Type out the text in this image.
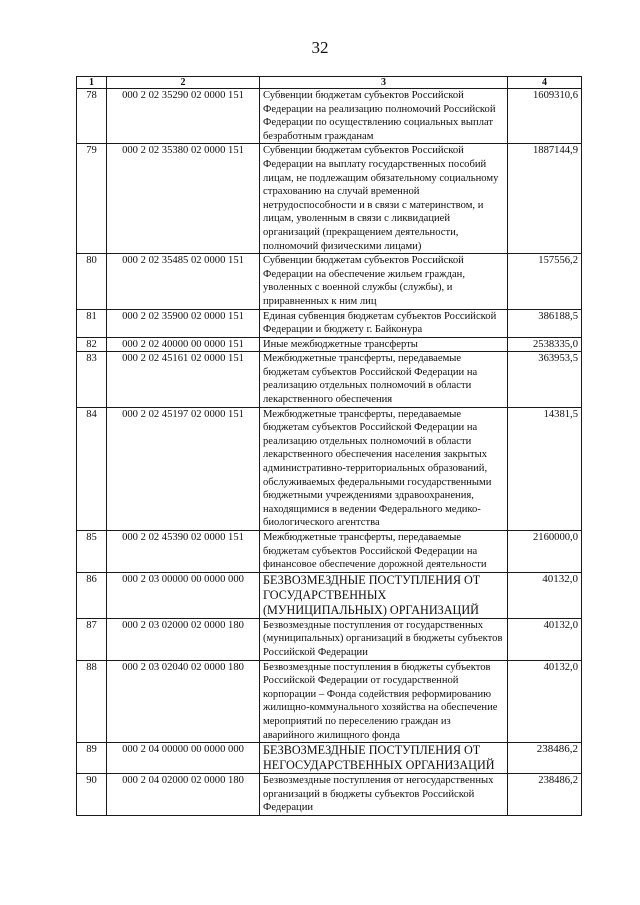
32
1	2	3	4
78	000 2 02 35290 02 0000 151	Субвенции бюджетам субъектов Российской Федерации на реализацию полномочий Российской Федерации по осуществлению социальных выплат безработным гражданам	1609310,6
79	000 2 02 35380 02 0000 151	Субвенции бюджетам субъектов Российской Федерации на выплату государственных пособий лицам, не подлежащим обязательному социальному страхованию на случай временной нетрудоспособности и в связи с материнством, и лицам, уволенным в связи с ликвидацией организаций (прекращением деятельности, полномочий физическими лицами)	1887144,9
80	000 2 02 35485 02 0000 151	Субвенции бюджетам субъектов Российской Федерации на обеспечение жильем граждан, уволенных с военной службы (службы), и приравненных к ним лиц	157556,2
81	000 2 02 35900 02 0000 151	Единая субвенция бюджетам субъектов Российской Федерации и бюджету г. Байконура	386188,5
82	000 2 02 40000 00 0000 151	Иные межбюджетные трансферты	2538335,0
83	000 2 02 45161 02 0000 151	Межбюджетные трансферты, передаваемые бюджетам субъектов Российской Федерации на реализацию отдельных полномочий в области лекарственного обеспечения	363953,5
84	000 2 02 45197 02 0000 151	Межбюджетные трансферты, передаваемые бюджетам субъектов Российской Федерации на реализацию отдельных полномочий в области лекарственного обеспечения населения закрытых административно-территориальных образований, обслуживаемых федеральными государственными бюджетными учреждениями здравоохранения, находящимися в ведении Федерального медико-биологического агентства	14381,5
85	000 2 02 45390 02 0000 151	Межбюджетные трансферты, передаваемые бюджетам субъектов Российской Федерации на финансовое обеспечение дорожной деятельности	2160000,0
86	000 2 03 00000 00 0000 000	БЕЗВОЗМЕЗДНЫЕ ПОСТУПЛЕНИЯ ОТ ГОСУДАРСТВЕННЫХ (МУНИЦИПАЛЬНЫХ) ОРГАНИЗАЦИЙ	40132,0
87	000 2 03 02000 02 0000 180	Безвозмездные поступления от государственных (муниципальных) организаций в бюджеты субъектов Российской Федерации	40132,0
88	000 2 03 02040 02 0000 180	Безвозмездные поступления в бюджеты субъектов Российской Федерации от государственной корпорации – Фонда содействия реформированию жилищно-коммунального хозяйства на обеспечение мероприятий по переселению граждан из аварийного жилищного фонда	40132,0
89	000 2 04 00000 00 0000 000	БЕЗВОЗМЕЗДНЫЕ ПОСТУПЛЕНИЯ ОТ НЕГОСУДАРСТВЕННЫХ ОРГАНИЗАЦИЙ	238486,2
90	000 2 04 02000 02 0000 180	Безвозмездные поступления от негосударственных организаций в бюджеты субъектов Российской Федерации	238486,2
